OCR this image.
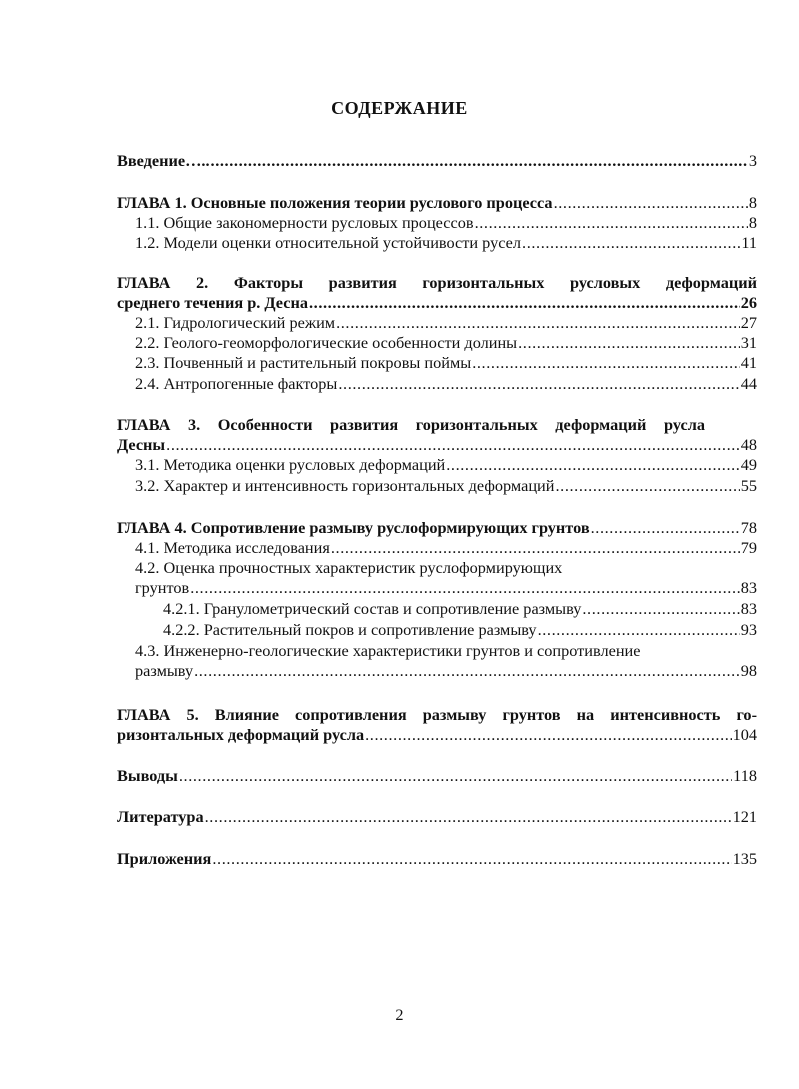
СОДЕРЖАНИЕ
Введение….. .....	3
ГЛАВА 1. Основные положения теории руслового процесса .....	8
1.1. Общие закономерности русловых процессов .....	8
1.2. Модели оценки относительной устойчивости русел .....	11
ГЛАВА 2. Факторы развития горизонтальных русловых деформаций
среднего течения р. Десна .....	26
2.1. Гидрологический режим .....	27
2.2. Геолого-геоморфологические особенности долины .....	31
2.3. Почвенный и растительный покровы поймы .....	41
2.4. Антропогенные факторы .....	44
ГЛАВА 3. Особенности развития горизонтальных деформаций русла
Десны .....	48
3.1. Методика оценки русловых деформаций .....	49
3.2. Характер и интенсивность горизонтальных деформаций .....	55
ГЛАВА 4. Сопротивление размыву руслоформирующих грунтов .....	78
4.1. Методика исследования .....	79
4.2. Оценка прочностных характеристик руслоформирующих
грунтов .....	83
4.2.1. Гранулометрический состав и сопротивление размыву .....	83
4.2.2. Растительный покров и сопротивление размыву .....	93
4.3. Инженерно-геологические характеристики грунтов и сопротивление
размыву .....	98
ГЛАВА 5. Влияние сопротивления размыву грунтов на интенсивность го-
ризонтальных деформаций русла .....	104
Выводы .....	118
Литература .....	121
Приложения .....	135
2
